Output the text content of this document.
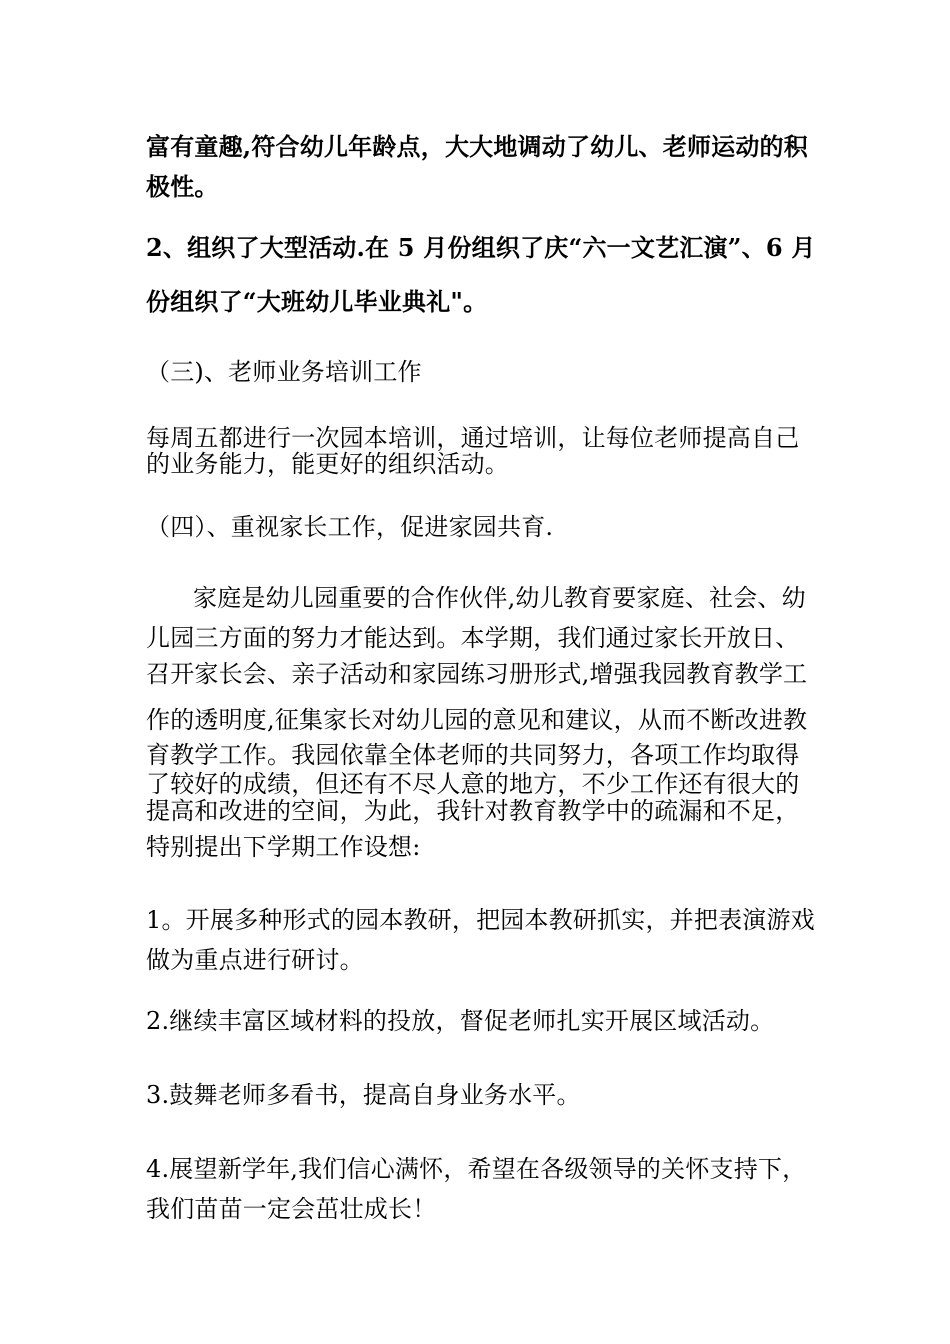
富有童趣,符合幼儿年龄点，大大地调动了幼儿、老师运动的积
极性。
2、组织了大型活动.在 5 月份组织了庆“六一文艺汇演”、6 月
份组织了“大班幼儿毕业典礼"。
（三)、老师业务培训工作
每周五都进行一次园本培训，通过培训，让每位老师提高自己
的业务能力，能更好的组织活动。
（四）、重视家长工作，促进家园共育.
家庭是幼儿园重要的合作伙伴,幼儿教育要家庭、社会、幼
儿园三方面的努力才能达到。本学期，我们通过家长开放日、
召开家长会、亲子活动和家园练习册形式,增强我园教育教学工
作的透明度,征集家长对幼儿园的意见和建议，从而不断改进教
育教学工作。我园依靠全体老师的共同努力，各项工作均取得
了较好的成绩，但还有不尽人意的地方，不少工作还有很大的
提高和改进的空间，为此，我针对教育教学中的疏漏和不足，
特别提出下学期工作设想:
1。开展多种形式的园本教研，把园本教研抓实，并把表演游戏
做为重点进行研讨。
2.继续丰富区域材料的投放，督促老师扎实开展区域活动。
3.鼓舞老师多看书，提高自身业务水平。
4.展望新学年,我们信心满怀，希望在各级领导的关怀支持下，
我们苗苗一定会茁壮成长！
